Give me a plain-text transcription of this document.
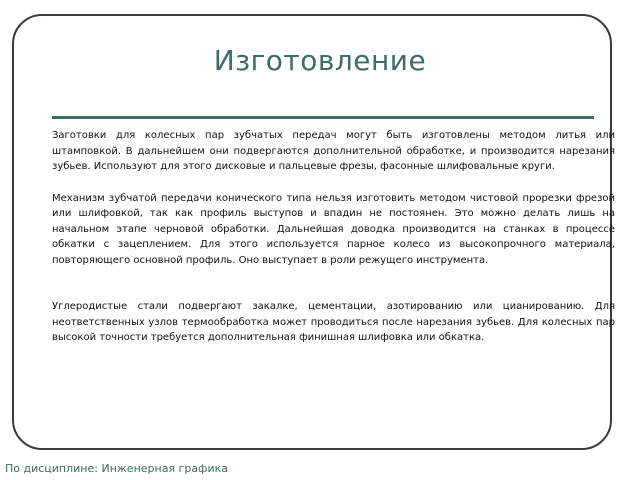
Изготовление

Заготовки для колесных пар зубчатых передач могут быть изготовлены методом литья или штамповкой. В дальнейшем они подвергаются дополнительной обработке, и производится нарезания зубьев. Используют для этого дисковые и пальцевые фрезы, фасонные шлифовальные круги.

Механизм зубчатой передачи конического типа нельзя изготовить методом чистовой прорезки фрезой или шлифовкой, так как профиль выступов и впадин не постоянен. Это можно делать лишь на начальном этапе черновой обработки. Дальнейшая доводка производится на станках в процессе обкатки с зацеплением. Для этого используется парное колесо из высокопрочного материала, повторяющего основной профиль. Оно выступает в роли режущего инструмента.

Углеродистые стали подвергают закалке, цементации, азотированию или цианированию. Для неответственных узлов термообработка может проводиться после нарезания зубьев. Для колесных пар высокой точности требуется дополнительная финишная шлифовка или обкатка.

По дисциплине: Инженерная графика
